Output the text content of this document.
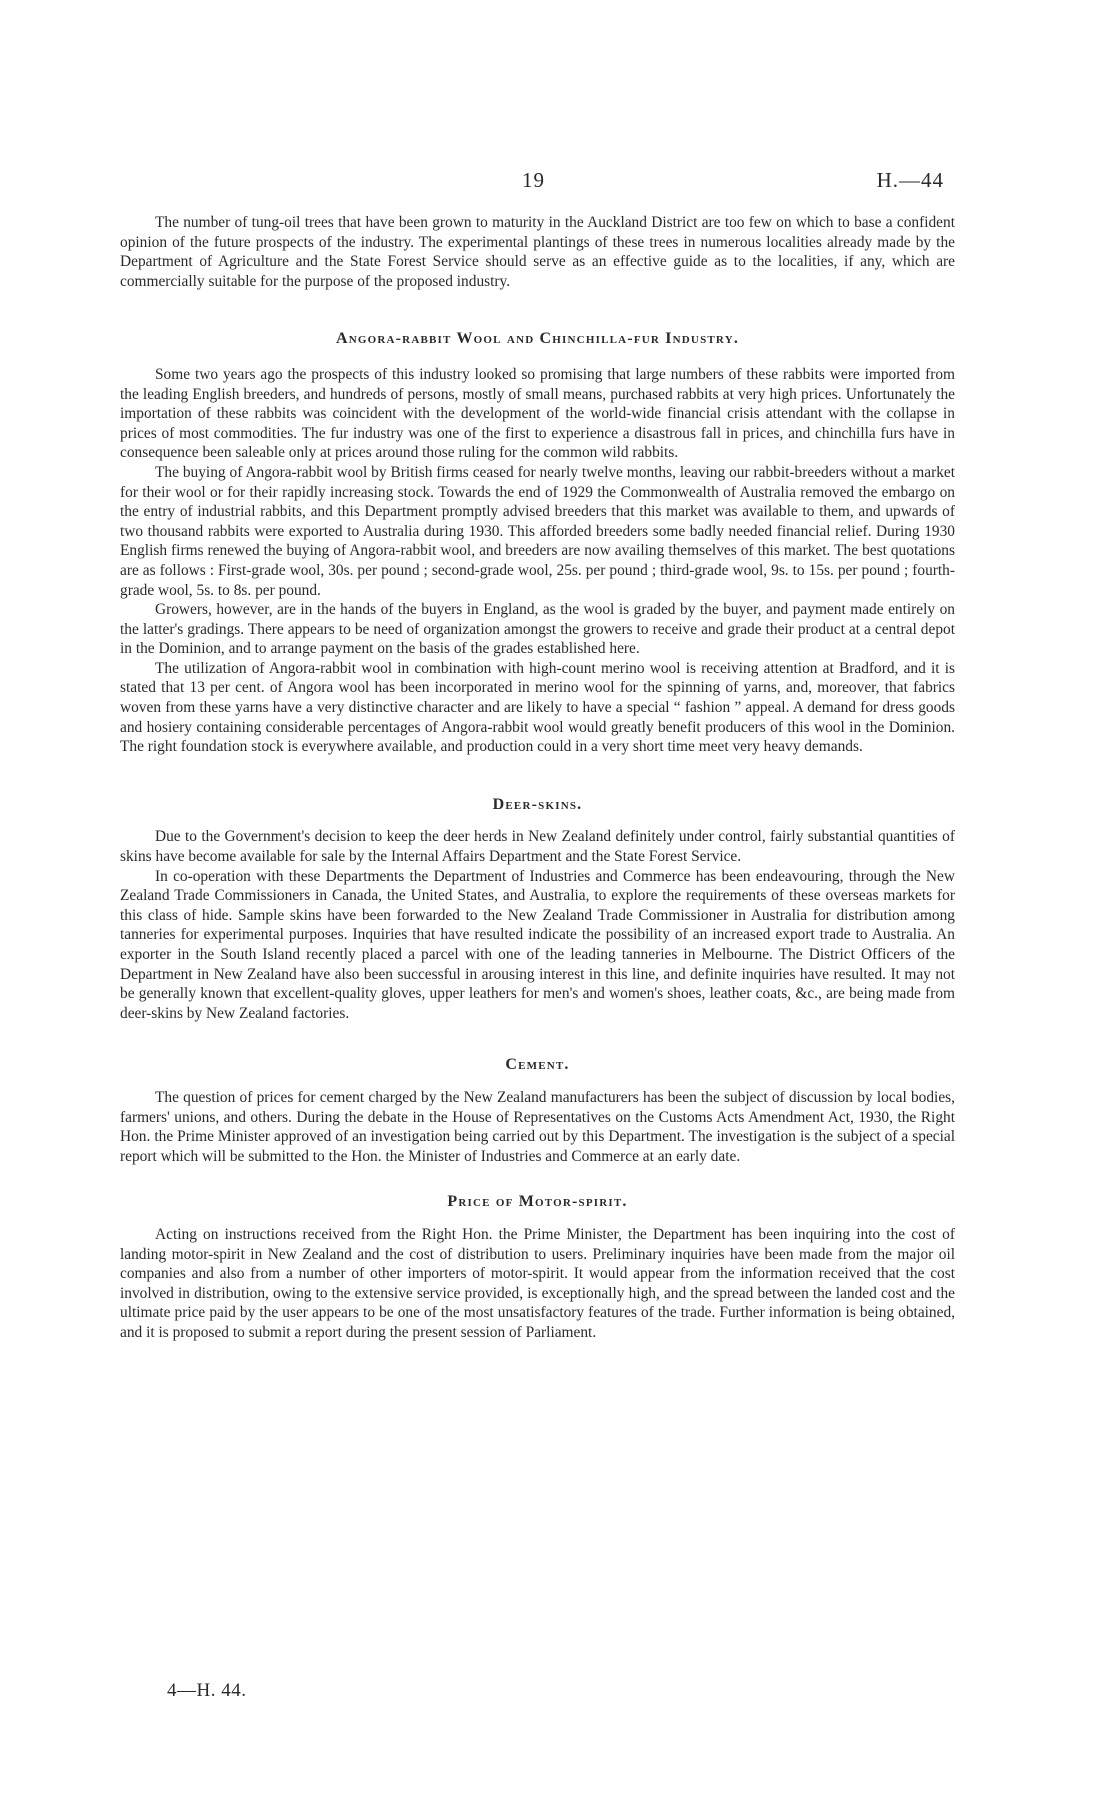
19	H.—44

The number of tung-oil trees that have been grown to maturity in the Auckland District are too few on which to base a confident opinion of the future prospects of the industry. The experimental plantings of these trees in numerous localities already made by the Department of Agriculture and the State Forest Service should serve as an effective guide as to the localities, if any, which are commercially suitable for the purpose of the proposed industry.

Angora-rabbit Wool and Chinchilla-fur Industry.

Some two years ago the prospects of this industry looked so promising that large numbers of these rabbits were imported from the leading English breeders, and hundreds of persons, mostly of small means, purchased rabbits at very high prices. Unfortunately the importation of these rabbits was coincident with the development of the world-wide financial crisis attendant with the collapse in prices of most commodities. The fur industry was one of the first to experience a disastrous fall in prices, and chinchilla furs have in consequence been saleable only at prices around those ruling for the common wild rabbits.

The buying of Angora-rabbit wool by British firms ceased for nearly twelve months, leaving our rabbit-breeders without a market for their wool or for their rapidly increasing stock. Towards the end of 1929 the Commonwealth of Australia removed the embargo on the entry of industrial rabbits, and this Department promptly advised breeders that this market was available to them, and upwards of two thousand rabbits were exported to Australia during 1930. This afforded breeders some badly needed financial relief. During 1930 English firms renewed the buying of Angora-rabbit wool, and breeders are now availing themselves of this market. The best quotations are as follows : First-grade wool, 30s. per pound ; second-grade wool, 25s. per pound ; third-grade wool, 9s. to 15s. per pound ; fourth-grade wool, 5s. to 8s. per pound.

Growers, however, are in the hands of the buyers in England, as the wool is graded by the buyer, and payment made entirely on the latter's gradings. There appears to be need of organization amongst the growers to receive and grade their product at a central depot in the Dominion, and to arrange payment on the basis of the grades established here.

The utilization of Angora-rabbit wool in combination with high-count merino wool is receiving attention at Bradford, and it is stated that 13 per cent. of Angora wool has been incorporated in merino wool for the spinning of yarns, and, moreover, that fabrics woven from these yarns have a very distinctive character and are likely to have a special “ fashion ” appeal. A demand for dress goods and hosiery containing considerable percentages of Angora-rabbit wool would greatly benefit producers of this wool in the Dominion. The right foundation stock is everywhere available, and production could in a very short time meet very heavy demands.

Deer-skins.

Due to the Government's decision to keep the deer herds in New Zealand definitely under control, fairly substantial quantities of skins have become available for sale by the Internal Affairs Department and the State Forest Service.

In co-operation with these Departments the Department of Industries and Commerce has been endeavouring, through the New Zealand Trade Commissioners in Canada, the United States, and Australia, to explore the requirements of these overseas markets for this class of hide. Sample skins have been forwarded to the New Zealand Trade Commissioner in Australia for distribution among tanneries for experimental purposes. Inquiries that have resulted indicate the possibility of an increased export trade to Australia. An exporter in the South Island recently placed a parcel with one of the leading tanneries in Melbourne. The District Officers of the Department in New Zealand have also been successful in arousing interest in this line, and definite inquiries have resulted. It may not be generally known that excellent-quality gloves, upper leathers for men's and women's shoes, leather coats, &c., are being made from deer-skins by New Zealand factories.

Cement.

The question of prices for cement charged by the New Zealand manufacturers has been the subject of discussion by local bodies, farmers' unions, and others. During the debate in the House of Representatives on the Customs Acts Amendment Act, 1930, the Right Hon. the Prime Minister approved of an investigation being carried out by this Department. The investigation is the subject of a special report which will be submitted to the Hon. the Minister of Industries and Commerce at an early date.

Price of Motor-spirit.

Acting on instructions received from the Right Hon. the Prime Minister, the Department has been inquiring into the cost of landing motor-spirit in New Zealand and the cost of distribution to users. Preliminary inquiries have been made from the major oil companies and also from a number of other importers of motor-spirit. It would appear from the information received that the cost involved in distribution, owing to the extensive service provided, is exceptionally high, and the spread between the landed cost and the ultimate price paid by the user appears to be one of the most unsatisfactory features of the trade. Further information is being obtained, and it is proposed to submit a report during the present session of Parliament.

4—H. 44.
